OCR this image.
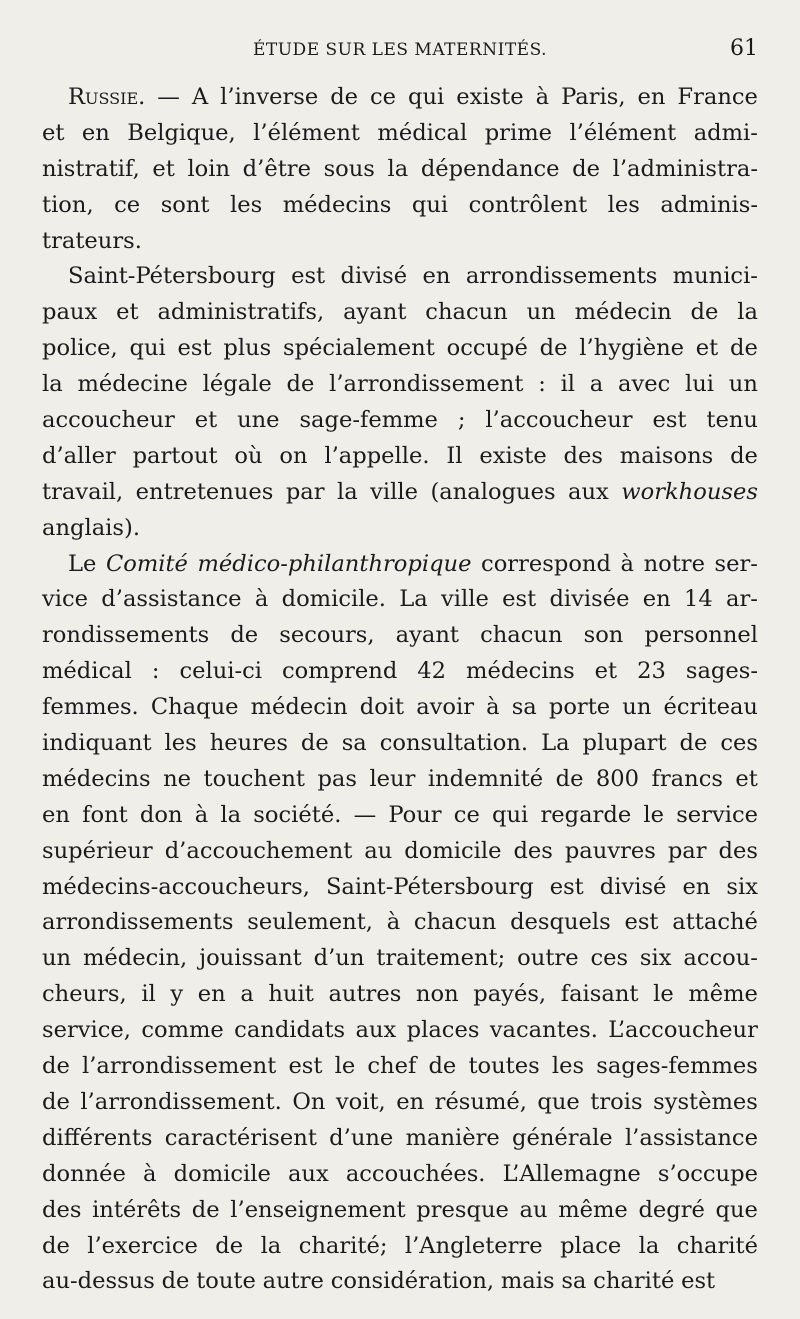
ÉTUDE SUR LES MATERNITÉS.	61
Russie. — A l’inverse de ce qui existe à Paris, en France
et en Belgique, l’élément médical prime l’élément admi-
nistratif, et loin d’être sous la dépendance de l’administra-
tion, ce sont les médecins qui contrôlent les adminis-
trateurs.
Saint-Pétersbourg est divisé en arrondissements munici-
paux et administratifs, ayant chacun un médecin de la
police, qui est plus spécialement occupé de l’hygiène et de
la médecine légale de l’arrondissement : il a avec lui un
accoucheur et une sage-femme ; l’accoucheur est tenu
d’aller partout où on l’appelle. Il existe des maisons de
travail, entretenues par la ville (analogues aux workhouses
anglais).
Le Comité médico-philanthropique correspond à notre ser-
vice d’assistance à domicile. La ville est divisée en 14 ar-
rondissements de secours, ayant chacun son personnel
médical : celui-ci comprend 42 médecins et 23 sages-
femmes. Chaque médecin doit avoir à sa porte un écriteau
indiquant les heures de sa consultation. La plupart de ces
médecins ne touchent pas leur indemnité de 800 francs et
en font don à la société. — Pour ce qui regarde le service
supérieur d’accouchement au domicile des pauvres par des
médecins-accoucheurs, Saint-Pétersbourg est divisé en six
arrondissements seulement, à chacun desquels est attaché
un médecin, jouissant d’un traitement; outre ces six accou-
cheurs, il y en a huit autres non payés, faisant le même
service, comme candidats aux places vacantes. L’accoucheur
de l’arrondissement est le chef de toutes les sages-femmes
de l’arrondissement. On voit, en résumé, que trois systèmes
différents caractérisent d’une manière générale l’assistance
donnée à domicile aux accouchées. L’Allemagne s’occupe
des intérêts de l’enseignement presque au même degré que
de l’exercice de la charité; l’Angleterre place la charité
au-dessus de toute autre considération, mais sa charité est
